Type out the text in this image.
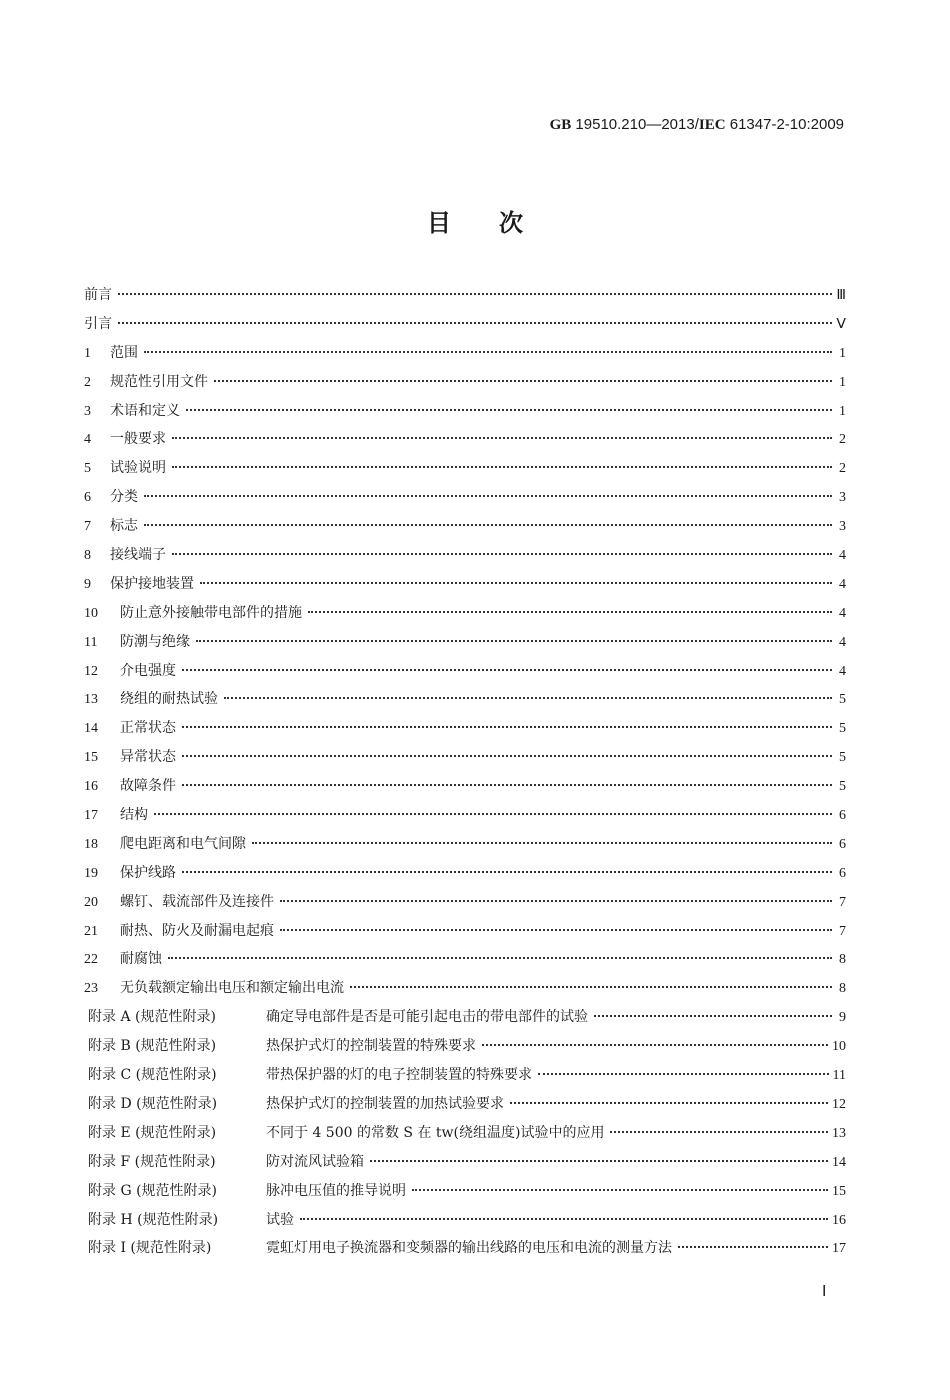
GB 19510.210—2013/IEC 61347-2-10:2009
目次
前言	Ⅲ
引言	Ⅴ
1	范围	1
2	规范性引用文件	1
3	术语和定义	1
4	一般要求	2
5	试验说明	2
6	分类	3
7	标志	3
8	接线端子	4
9	保护接地装置	4
10	防止意外接触带电部件的措施	4
11	防潮与绝缘	4
12	介电强度	4
13	绕组的耐热试验	5
14	正常状态	5
15	异常状态	5
16	故障条件	5
17	结构	6
18	爬电距离和电气间隙	6
19	保护线路	6
20	螺钉、载流部件及连接件	7
21	耐热、防火及耐漏电起痕	7
22	耐腐蚀	8
23	无负载额定输出电压和额定输出电流	8
附录 A (规范性附录)	确定导电部件是否是可能引起电击的带电部件的试验	9
附录 B (规范性附录)	热保护式灯的控制装置的特殊要求	10
附录 C (规范性附录)	带热保护器的灯的电子控制装置的特殊要求	11
附录 D (规范性附录)	热保护式灯的控制装置的加热试验要求	12
附录 E (规范性附录)	不同于 4 500 的常数 S 在 tw(绕组温度)试验中的应用	13
附录 F (规范性附录)	防对流风试验箱	14
附录 G (规范性附录)	脉冲电压值的推导说明	15
附录 H (规范性附录)	试验	16
附录 I (规范性附录)	霓虹灯用电子换流器和变频器的输出线路的电压和电流的测量方法	17
Ⅰ
